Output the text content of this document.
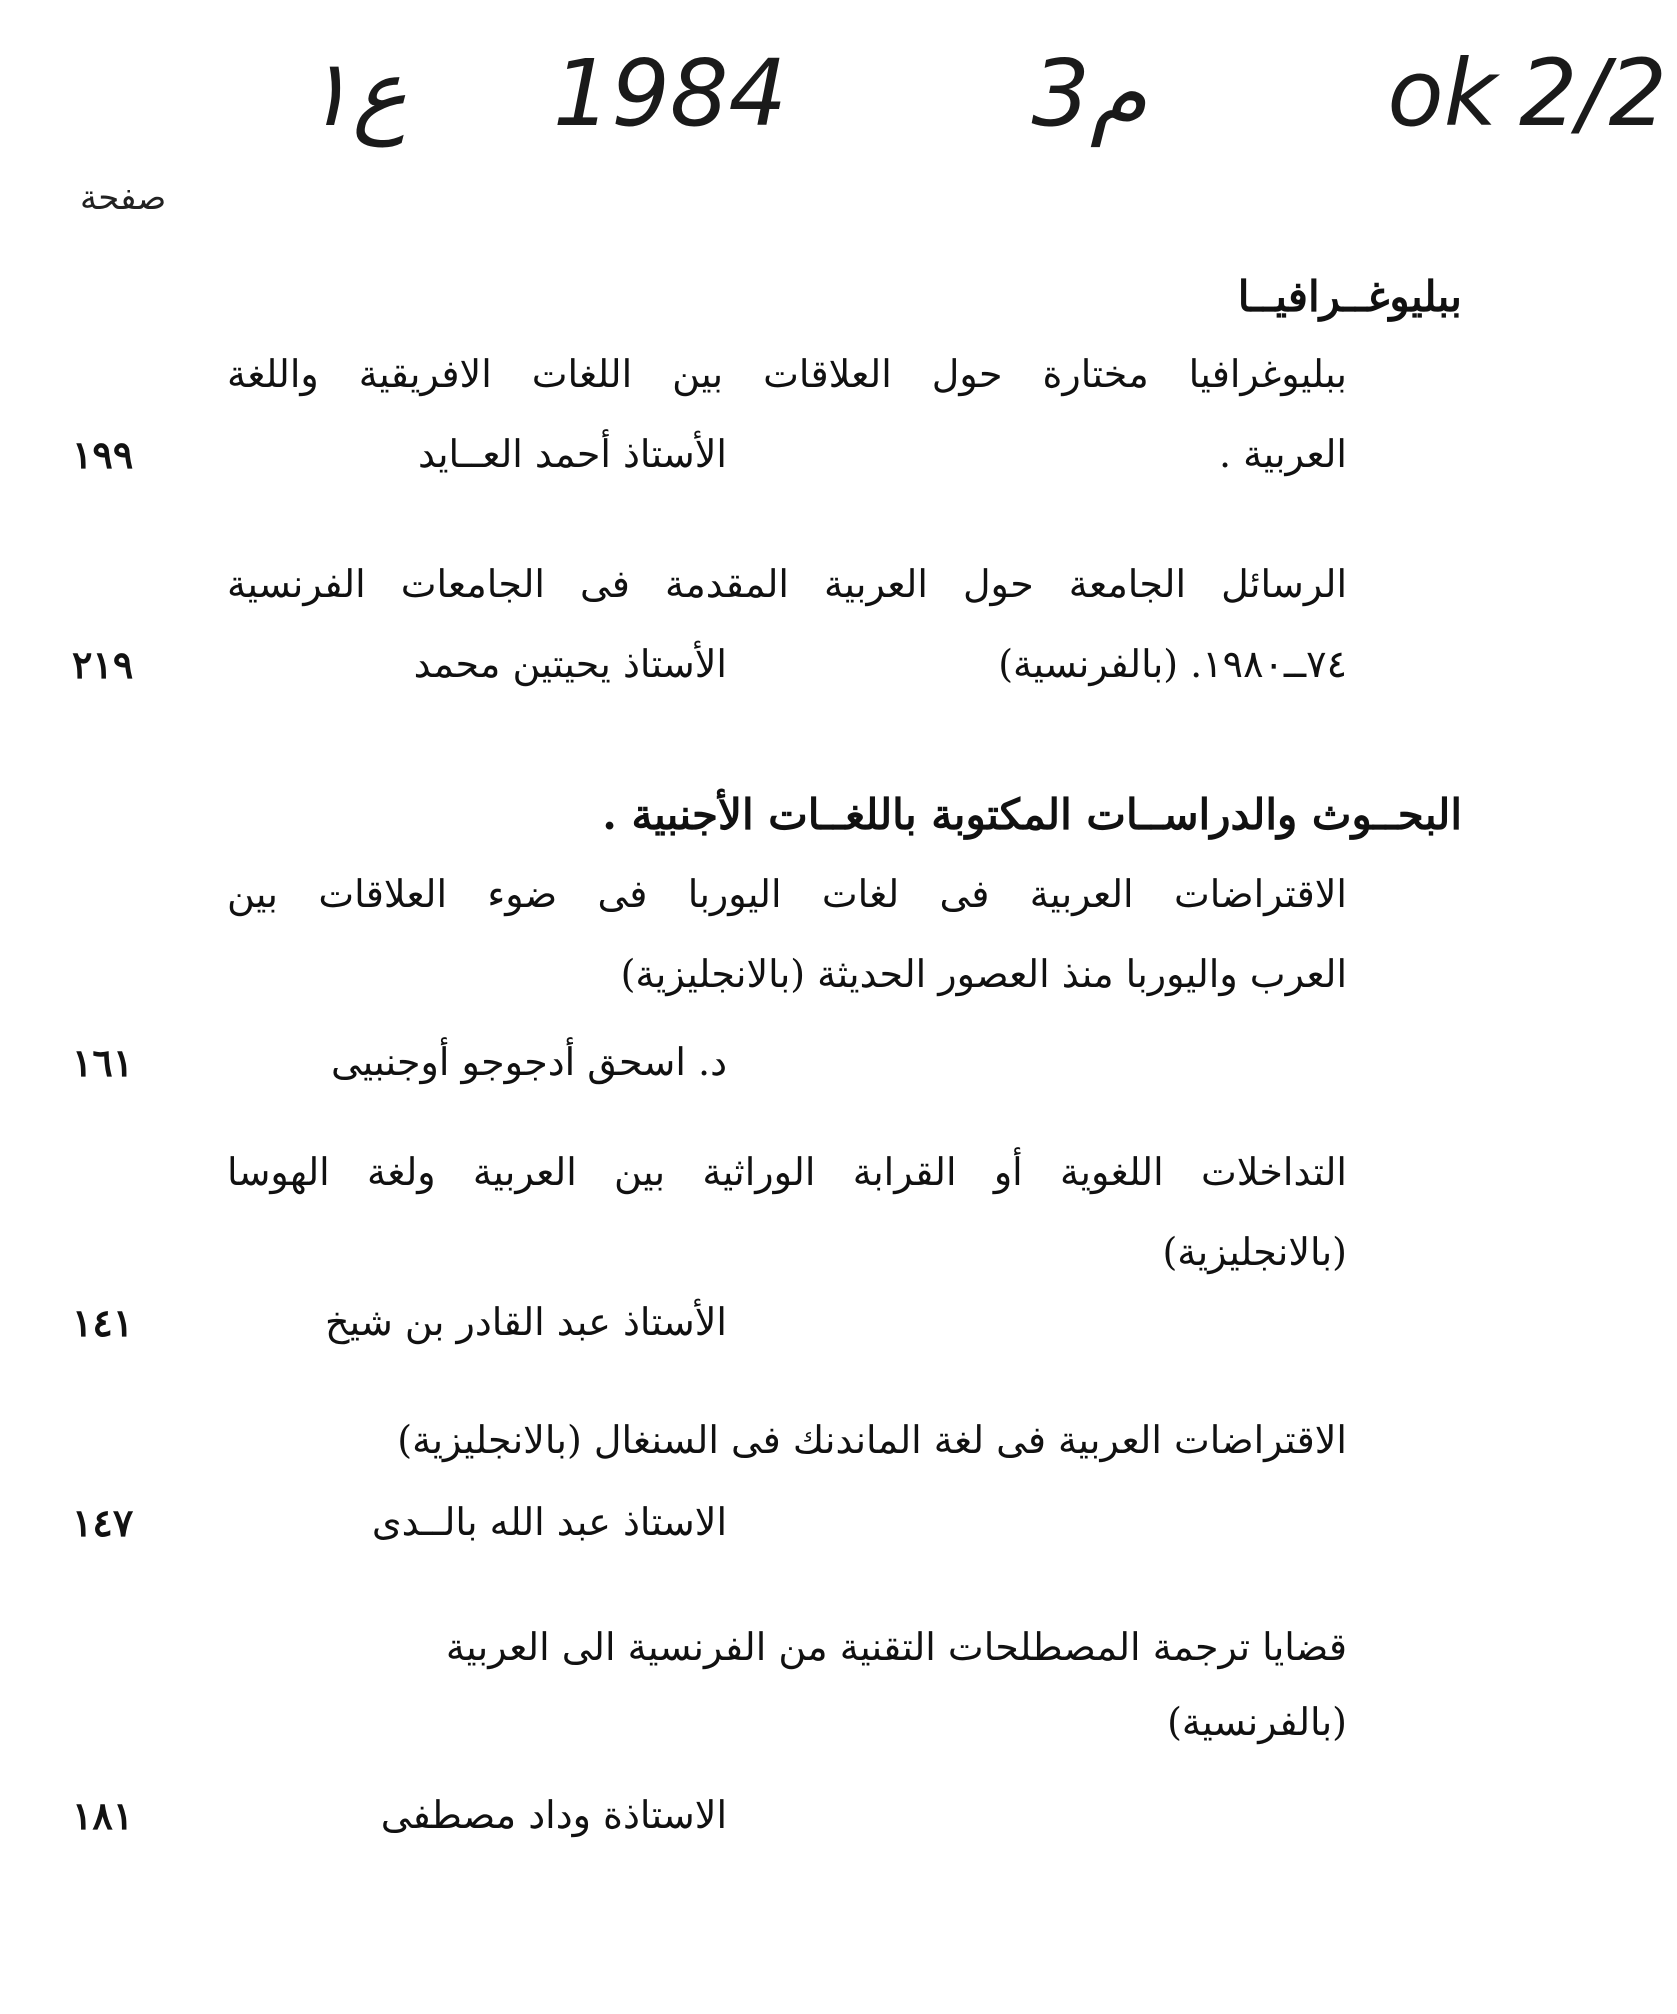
ع١ 1984	3م	ok 2/2
صفحة
ببليوغــرافيــا
ببليوغرافيا مختارة حول العلاقات بين اللغات الافريقية واللغة
العربية .
الأستاذ أحمد العــايد
١٩٩
الرسائل الجامعة حول العربية المقدمة فى الجامعات الفرنسية
٧٤ــ١٩٨٠. (بالفرنسية)
الأستاذ يحيتين محمد
٢١٩
البحــوث والدراســات المكتوبة باللغــات الأجنبية .
الاقتراضات العربية فى لغات اليوربا فى ضوء العلاقات بين
العرب واليوربا منذ العصور الحديثة (بالانجليزية)
د. اسحق أدجوجو أوجنبيى
١٦١
التداخلات اللغوية أو القرابة الوراثية بين العربية ولغة الهوسا
(بالانجليزية)
الأستاذ عبد القادر بن شيخ
١٤١
الاقتراضات العربية فى لغة الماندنك فى السنغال (بالانجليزية)
الاستاذ عبد الله بالــدى
١٤٧
قضايا ترجمة المصطلحات التقنية من الفرنسية الى العربية
(بالفرنسية)
الاستاذة وداد مصطفى
١٨١
